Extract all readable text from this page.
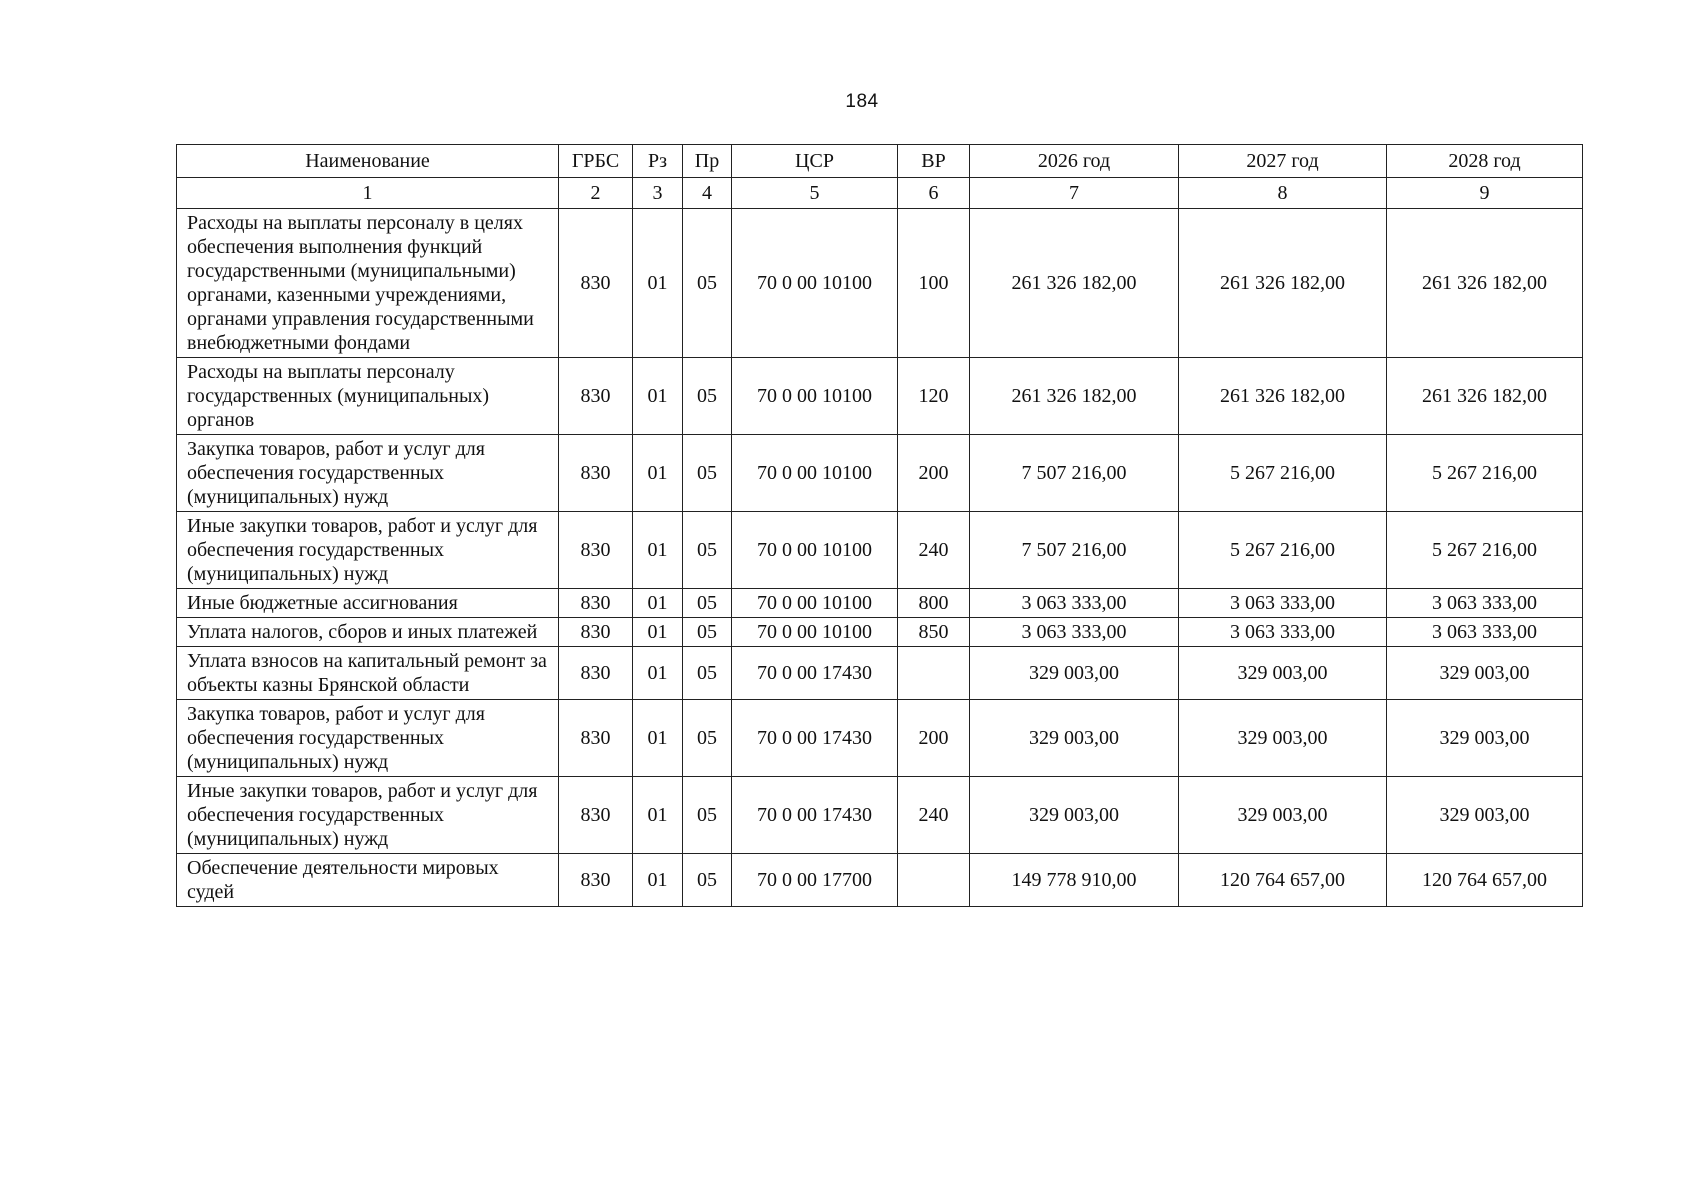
184
Наименование	ГРБС	Рз	Пр	ЦСР	ВР	2026 год	2027 год	2028 год
1	2	3	4	5	6	7	8	9
Расходы на выплаты персоналу в целях обеспечения выполнения функций государственными (муниципальными) органами, казенными учреждениями, органами управления государственными внебюджетными фондами	830	01	05	70 0 00 10100	100	261 326 182,00	261 326 182,00	261 326 182,00
Расходы на выплаты персоналу государственных (муниципальных) органов	830	01	05	70 0 00 10100	120	261 326 182,00	261 326 182,00	261 326 182,00
Закупка товаров, работ и услуг для обеспечения государственных (муниципальных) нужд	830	01	05	70 0 00 10100	200	7 507 216,00	5 267 216,00	5 267 216,00
Иные закупки товаров, работ и услуг для обеспечения государственных (муниципальных) нужд	830	01	05	70 0 00 10100	240	7 507 216,00	5 267 216,00	5 267 216,00
Иные бюджетные ассигнования	830	01	05	70 0 00 10100	800	3 063 333,00	3 063 333,00	3 063 333,00
Уплата налогов, сборов и иных платежей	830	01	05	70 0 00 10100	850	3 063 333,00	3 063 333,00	3 063 333,00
Уплата взносов на капитальный ремонт за объекты казны Брянской области	830	01	05	70 0 00 17430		329 003,00	329 003,00	329 003,00
Закупка товаров, работ и услуг для обеспечения государственных (муниципальных) нужд	830	01	05	70 0 00 17430	200	329 003,00	329 003,00	329 003,00
Иные закупки товаров, работ и услуг для обеспечения государственных (муниципальных) нужд	830	01	05	70 0 00 17430	240	329 003,00	329 003,00	329 003,00
Обеспечение деятельности мировых судей	830	01	05	70 0 00 17700		149 778 910,00	120 764 657,00	120 764 657,00
